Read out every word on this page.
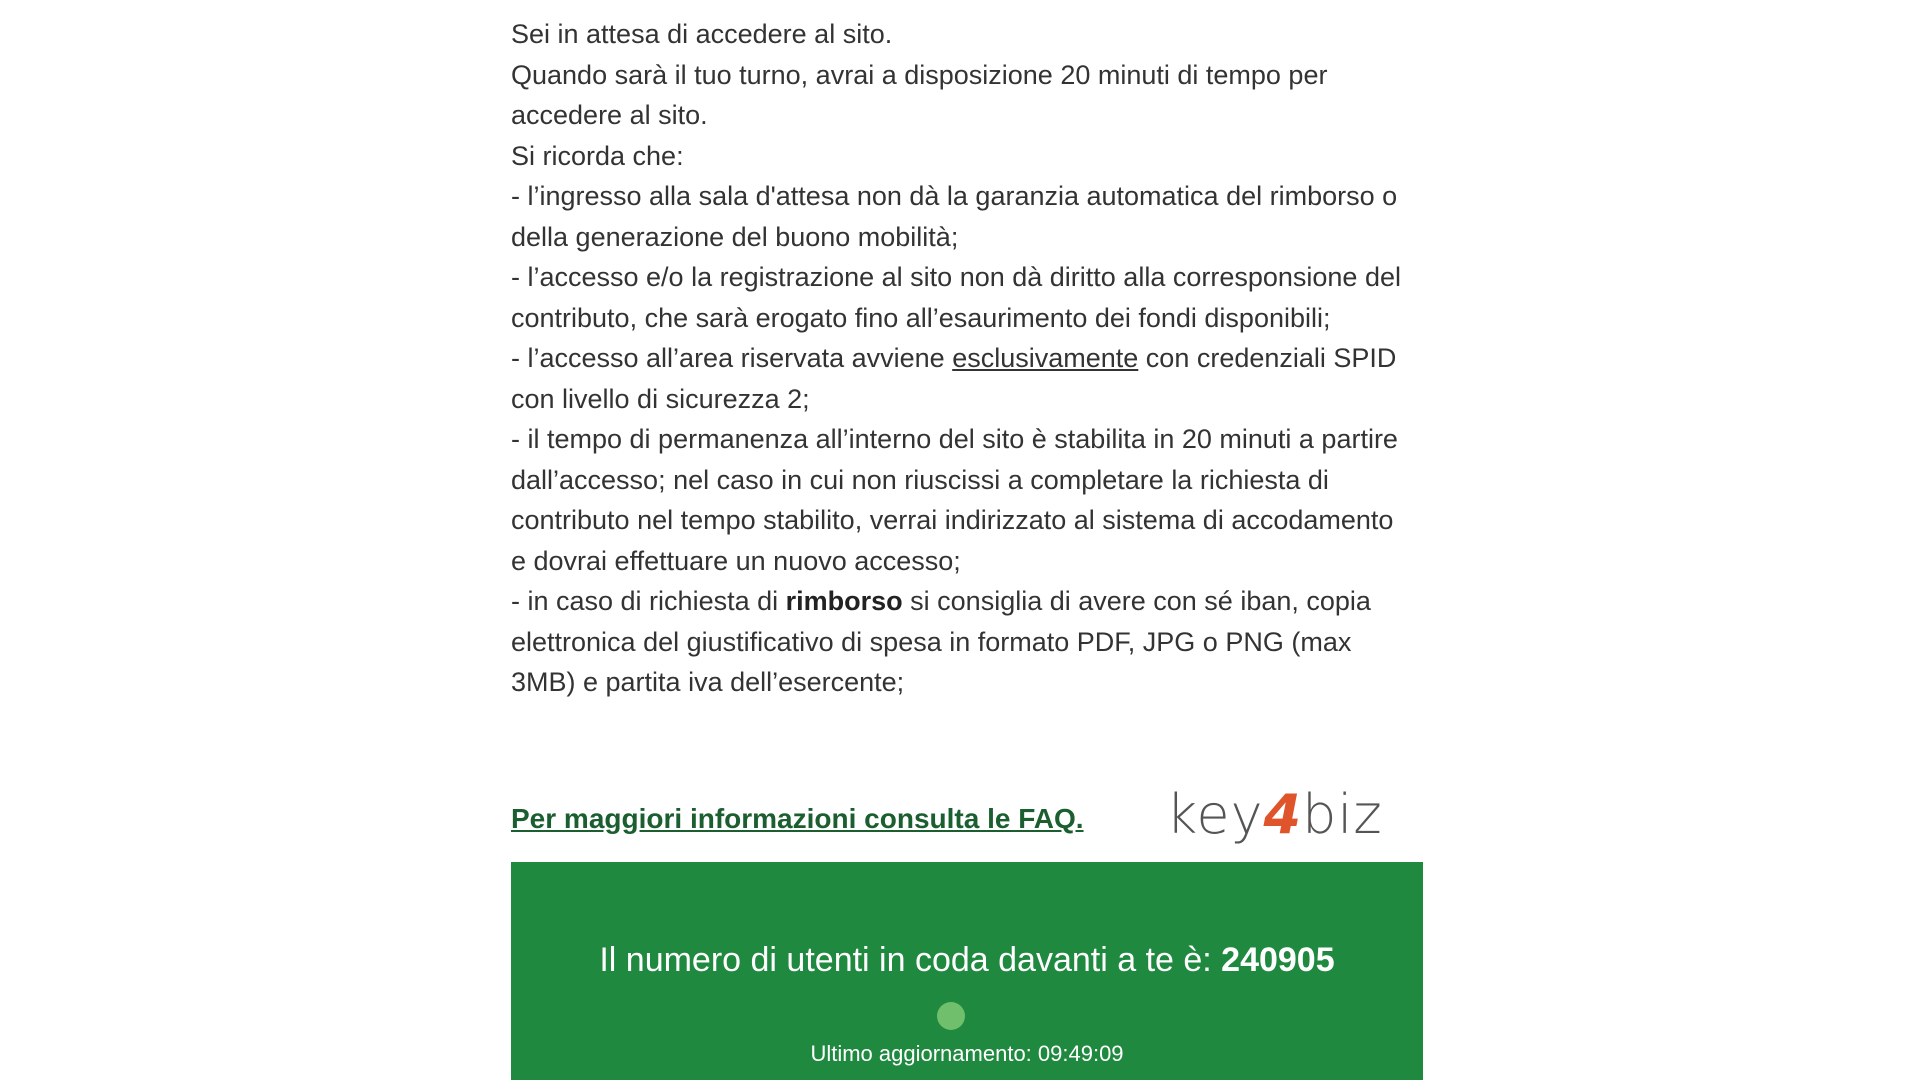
Sei in attesa di accedere al sito.

Quando sarà il tuo turno, avrai a disposizione 20 minuti di tempo per accedere al sito.

Si ricorda che:

- l’ingresso alla sala d'attesa non dà la garanzia automatica del rimborso o della generazione del buono mobilità;

- l’accesso e/o la registrazione al sito non dà diritto alla corresponsione del contributo, che sarà erogato fino all’esaurimento dei fondi disponibili;

- l’accesso all’area riservata avviene esclusivamente con credenziali SPID con livello di sicurezza 2;

- il tempo di permanenza all’interno del sito è stabilita in 20 minuti a partire dall’accesso; nel caso in cui non riuscissi a completare la richiesta di contributo nel tempo stabilito, verrai indirizzato al sistema di accodamento e dovrai effettuare un nuovo accesso;

- in caso di richiesta di rimborso si consiglia di avere con sé iban, copia elettronica del giustificativo di spesa in formato PDF, JPG o PNG (max 3MB) e partita iva dell’esercente;

Per maggiori informazioni consulta le FAQ. key4biz
Il numero di utenti in coda davanti a te è: 240905
Ultimo aggiornamento: 09:49:09
